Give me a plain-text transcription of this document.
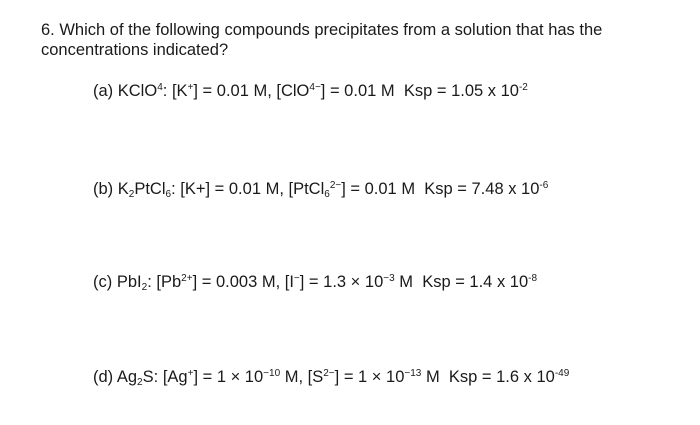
6. Which of the following compounds precipitates from a solution that has the concentrations indicated?
(a) KClO$^4$: [K+] = 0.01 M, [ClO$^{4-}$] = 0.01 M Ksp = 1.05 x $10^{-2}$
(b) $K_2PtCl_6$: [K+] = 0.01 M, [PtCl$_6^{2-}$] = 0.01 M Ksp = 7.48 x $10^{-6}$
(c) PbI$_2$: $[Pb^{2+}] = 0.003$ M, $[I^-] = 1.3 \times 10^{-3}$ M Ksp = 1.4 x $10^{-8}$
(d) $Ag_2S$: $[Ag^+] = 1 \times 10^{-10}$ M, $[S^{2-}] = 1 \times 10^{-13}$ M Ksp = 1.6 x $10^{-49}$
